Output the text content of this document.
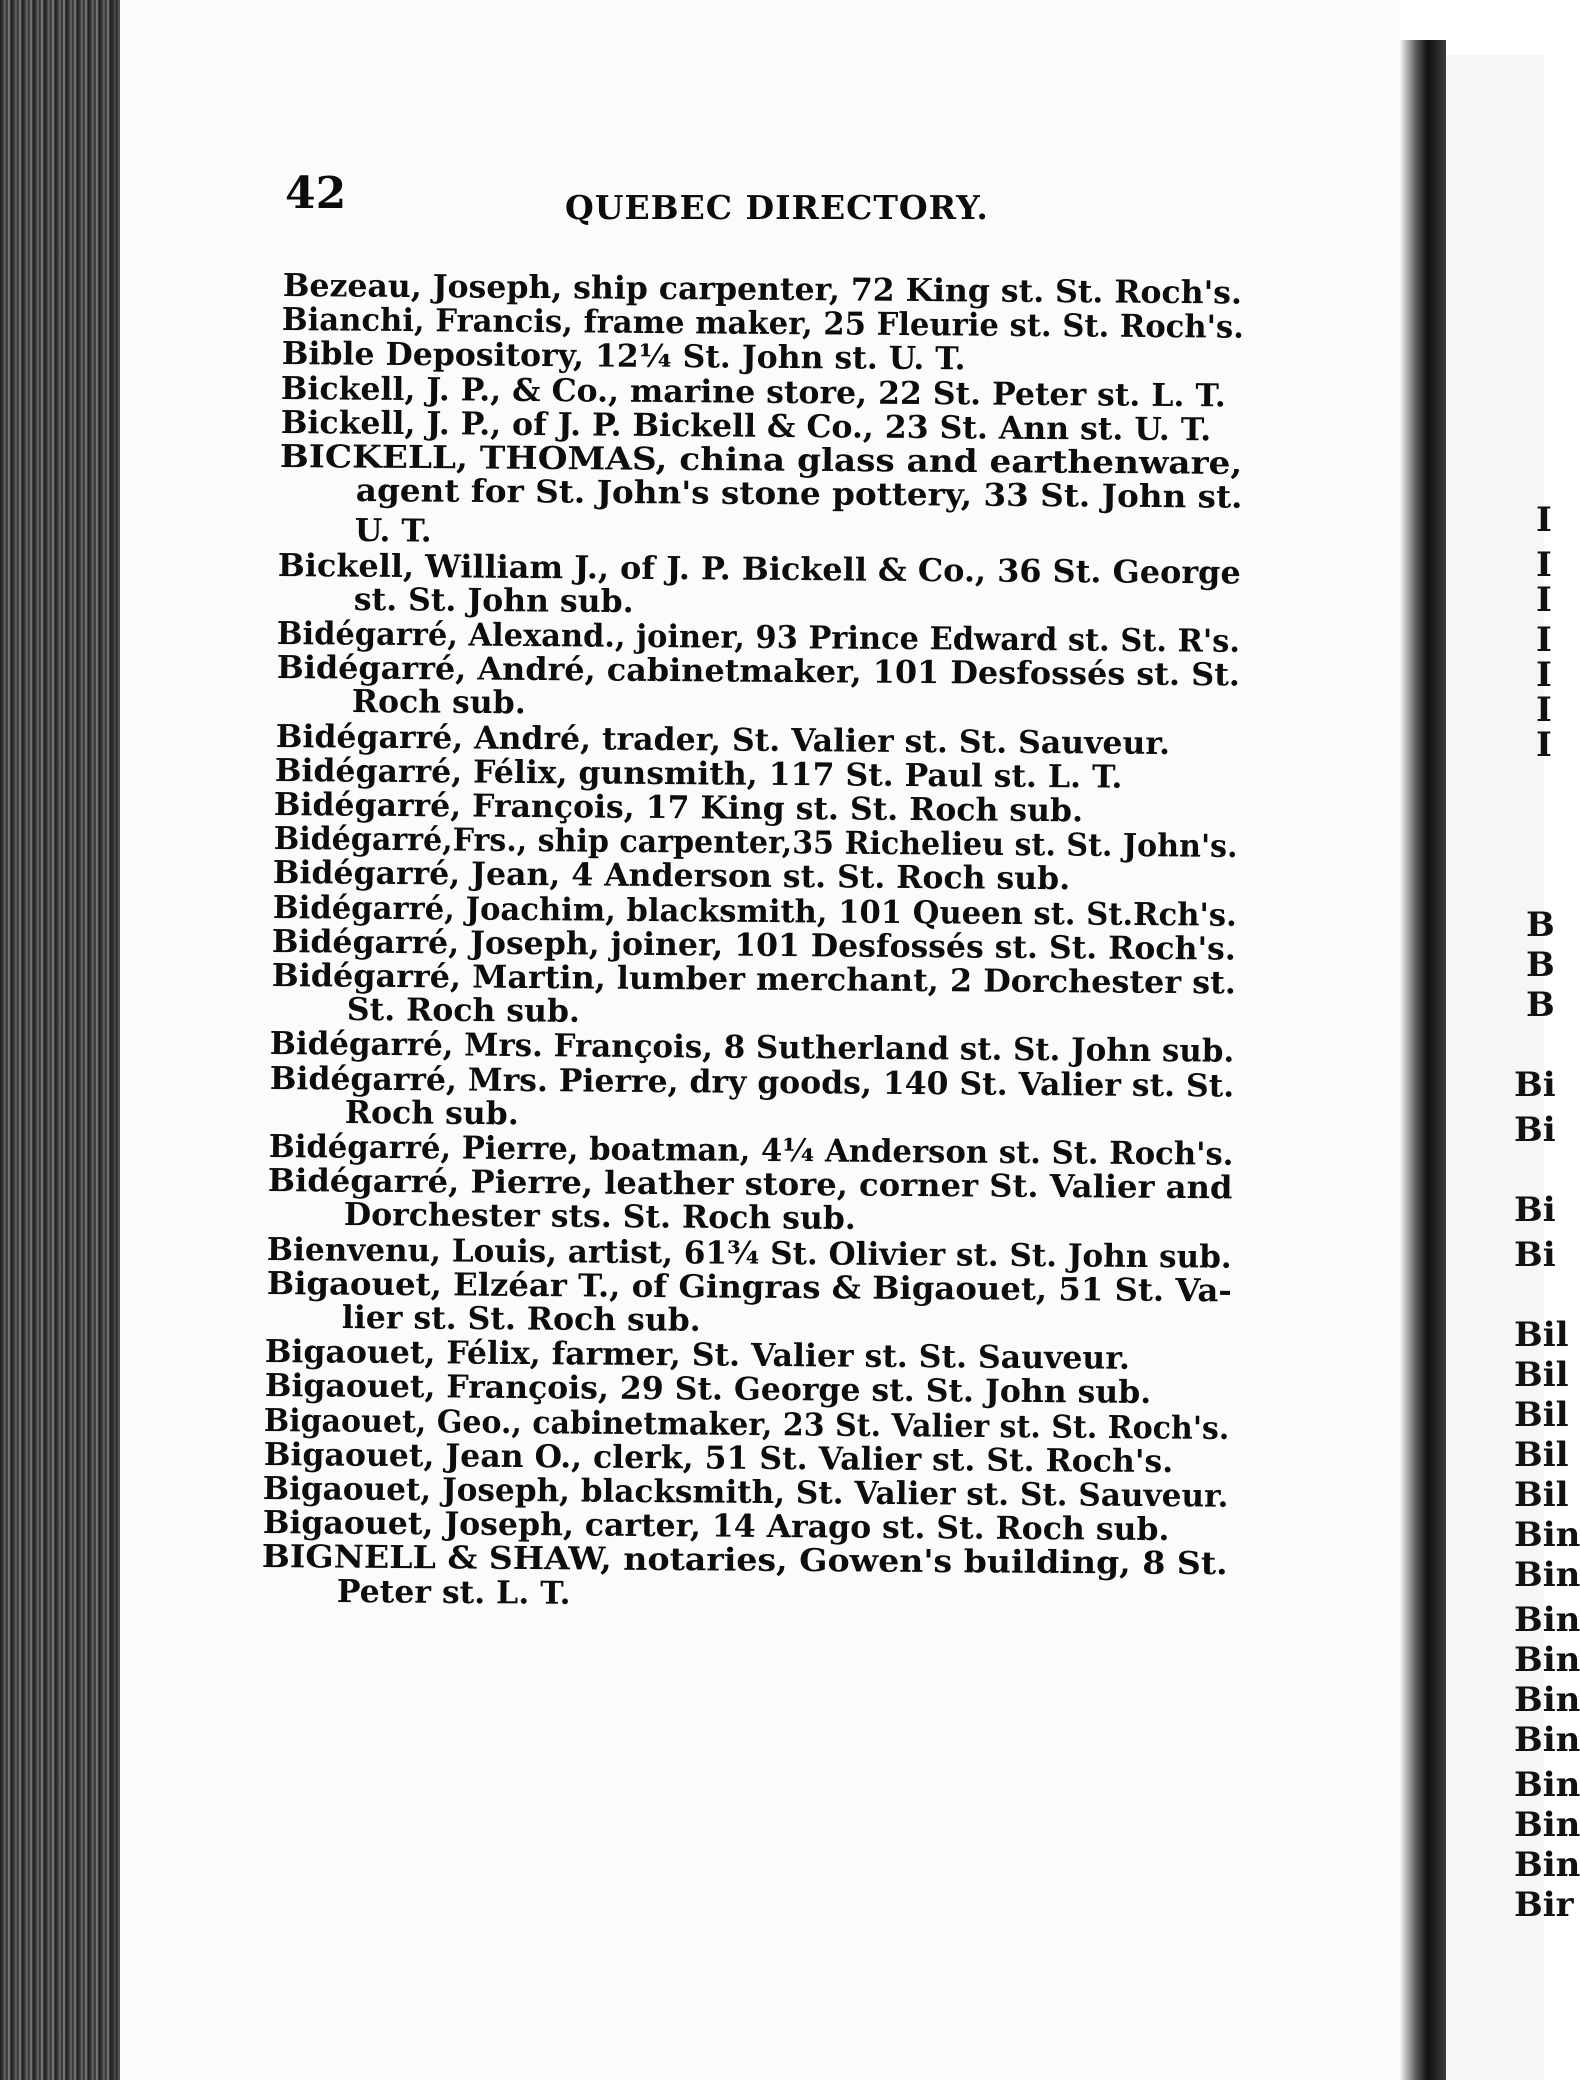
42	QUEBEC DIRECTORY.
Bezeau, Joseph, ship carpenter, 72 King st. St. Roch's.
Bianchi, Francis, frame maker, 25 Fleurie st. St. Roch's.
Bible Depository, 12¼ St. John st. U. T.
Bickell, J. P., & Co., marine store, 22 St. Peter st. L. T.
Bickell, J. P., of J. P. Bickell & Co., 23 St. Ann st. U. T.
BICKELL, THOMAS, china glass and earthenware,
agent for St. John's stone pottery, 33 St. John st.
U. T.
Bickell, William J., of J. P. Bickell & Co., 36 St. George
st. St. John sub.
Bidégarré, Alexand., joiner, 93 Prince Edward st. St. R's.
Bidégarré, André, cabinetmaker, 101 Desfossés st. St.
Roch sub.
Bidégarré, André, trader, St. Valier st. St. Sauveur.
Bidégarré, Félix, gunsmith, 117 St. Paul st. L. T.
Bidégarré, François, 17 King st. St. Roch sub.
Bidégarré,Frs., ship carpenter,35 Richelieu st. St. John's.
Bidégarré, Jean, 4 Anderson st. St. Roch sub.
Bidégarré, Joachim, blacksmith, 101 Queen st. St.Rch's.
Bidégarré, Joseph, joiner, 101 Desfossés st. St. Roch's.
Bidégarré, Martin, lumber merchant, 2 Dorchester st.
St. Roch sub.
Bidégarré, Mrs. François, 8 Sutherland st. St. John sub.
Bidégarré, Mrs. Pierre, dry goods, 140 St. Valier st. St.
Roch sub.
Bidégarré, Pierre, boatman, 4¼ Anderson st. St. Roch's.
Bidégarré, Pierre, leather store, corner St. Valier and
Dorchester sts. St. Roch sub.
Bienvenu, Louis, artist, 61¾ St. Olivier st. St. John sub.
Bigaouet, Elzéar T., of Gingras & Bigaouet, 51 St. Va-
lier st. St. Roch sub.
Bigaouet, Félix, farmer, St. Valier st. St. Sauveur.
Bigaouet, François, 29 St. George st. St. John sub.
Bigaouet, Geo., cabinetmaker, 23 St. Valier st. St. Roch's.
Bigaouet, Jean O., clerk, 51 St. Valier st. St. Roch's.
Bigaouet, Joseph, blacksmith, St. Valier st. St. Sauveur.
Bigaouet, Joseph, carter, 14 Arago st. St. Roch sub.
BIGNELL & SHAW, notaries, Gowen's building, 8 St.
Peter st. L. T.
I
I
I
I
I
I
I
B
B
B
Bi
Bi
Bi
Bi
Bil
Bil
Bil
Bil
Bil
Bin
Bin
Bin
Bin
Bin
Bin
Bin
Bin
Bin
Bir
